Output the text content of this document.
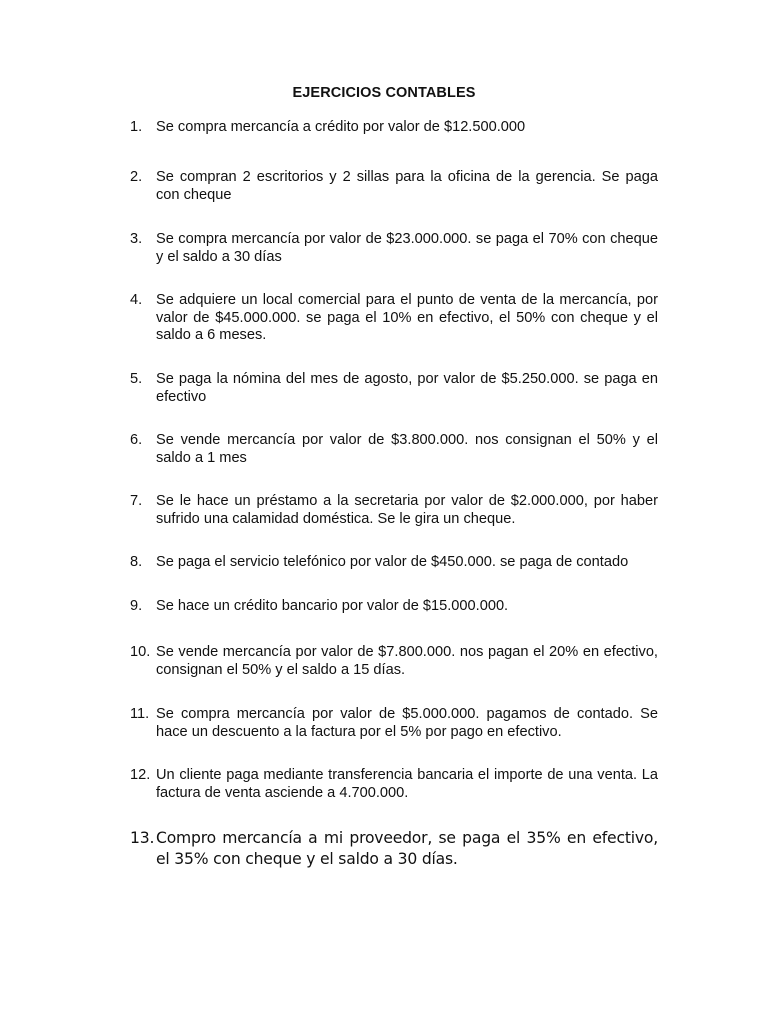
EJERCICIOS CONTABLES
1. Se compra mercancía a crédito por valor de $12.500.000
2. Se compran 2 escritorios y 2 sillas para la oficina de la gerencia. Se paga con cheque
3. Se compra mercancía por valor de $23.000.000. se paga el 70% con cheque y el saldo a 30 días
4. Se adquiere un local comercial para el punto de venta de la mercancía, por valor de $45.000.000. se paga el 10% en efectivo, el 50% con cheque y el saldo a 6 meses.
5. Se paga la nómina del mes de agosto, por valor de $5.250.000. se paga en efectivo
6. Se vende mercancía por valor de $3.800.000. nos consignan el 50% y el saldo a 1 mes
7. Se le hace un préstamo a la secretaria por valor de $2.000.000, por haber sufrido una calamidad doméstica. Se le gira un cheque.
8. Se paga el servicio telefónico por valor de $450.000. se paga de contado
9. Se hace un crédito bancario por valor de $15.000.000.
10. Se vende mercancía por valor de $7.800.000. nos pagan el 20% en efectivo, consignan el 50% y el saldo a 15 días.
11. Se compra mercancía por valor de $5.000.000. pagamos de contado. Se hace un descuento a la factura por el 5% por pago en efectivo.
12. Un cliente paga mediante transferencia bancaria el importe de una venta. La factura de venta asciende a 4.700.000.
13. Compro mercancía a mi proveedor, se paga el 35% en efectivo, el 35% con cheque y el saldo a 30 días.
